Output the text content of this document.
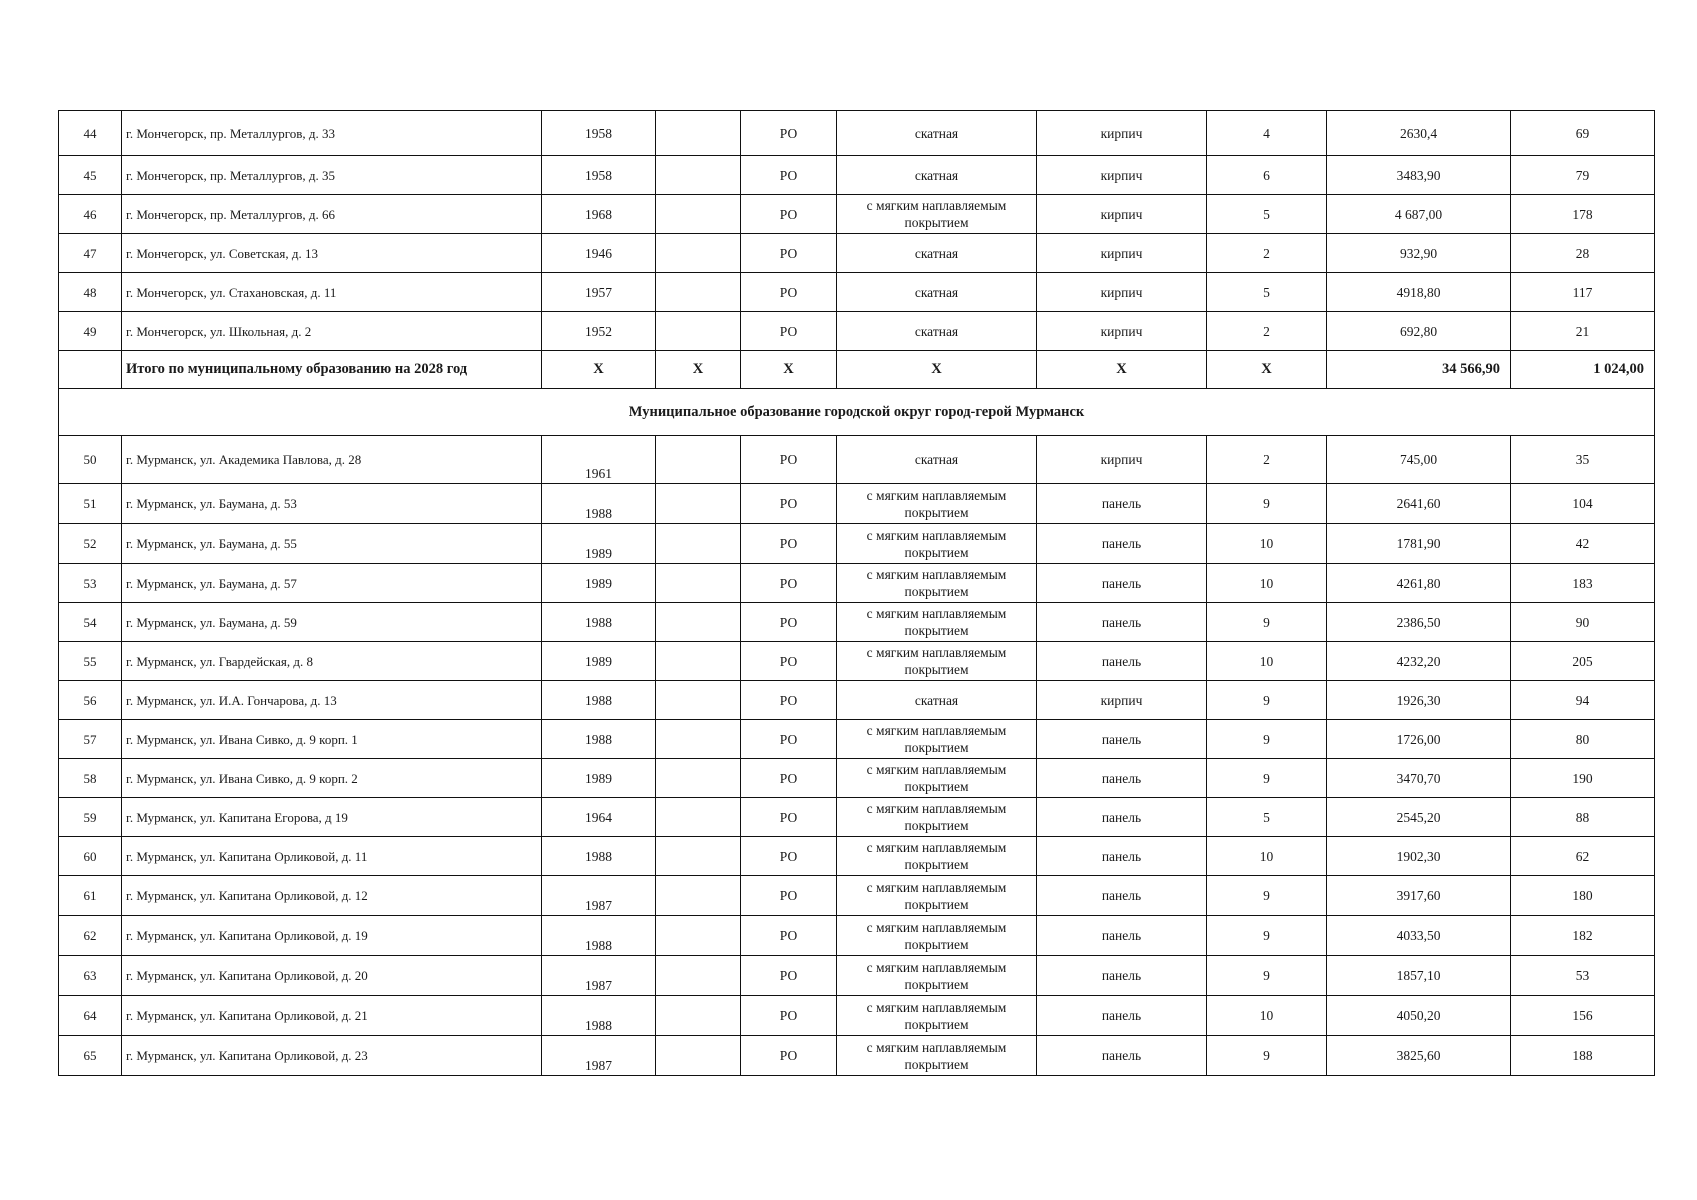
44	г. Мончегорск, пр. Металлургов, д. 33	1958		РО	скатная	кирпич	4	2630,4	69
45	г. Мончегорск, пр. Металлургов, д. 35	1958		РО	скатная	кирпич	6	3483,90	79
46	г. Мончегорск, пр. Металлургов, д. 66	1968		РО	с мягким наплавляемым покрытием	кирпич	5	4 687,00	178
47	г. Мончегорск, ул. Советская, д. 13	1946		РО	скатная	кирпич	2	932,90	28
48	г. Мончегорск, ул. Стахановская, д. 11	1957		РО	скатная	кирпич	5	4918,80	117
49	г. Мончегорск, ул. Школьная, д. 2	1952		РО	скатная	кирпич	2	692,80	21
	Итого по муниципальному образованию на 2028 год	X	X	X	X	X	X	34 566,90	1 024,00
Муниципальное образование городской округ город-герой Мурманск									
50	г. Мурманск, ул. Академика Павлова, д. 28	1961		РО	скатная	кирпич	2	745,00	35
51	г. Мурманск, ул. Баумана, д. 53	1988		РО	с мягким наплавляемым покрытием	панель	9	2641,60	104
52	г. Мурманск, ул. Баумана, д. 55	1989		РО	с мягким наплавляемым покрытием	панель	10	1781,90	42
53	г. Мурманск, ул. Баумана, д. 57	1989		РО	с мягким наплавляемым покрытием	панель	10	4261,80	183
54	г. Мурманск, ул. Баумана, д. 59	1988		РО	с мягким наплавляемым покрытием	панель	9	2386,50	90
55	г. Мурманск, ул. Гвардейская, д. 8	1989		РО	с мягким наплавляемым покрытием	панель	10	4232,20	205
56	г. Мурманск, ул. И.А. Гончарова, д. 13	1988		РО	скатная	кирпич	9	1926,30	94
57	г. Мурманск, ул. Ивана Сивко, д. 9 корп. 1	1988		РО	с мягким наплавляемым покрытием	панель	9	1726,00	80
58	г. Мурманск, ул. Ивана Сивко, д. 9 корп. 2	1989		РО	с мягким наплавляемым покрытием	панель	9	3470,70	190
59	г. Мурманск, ул. Капитана Егорова, д 19	1964		РО	с мягким наплавляемым покрытием	панель	5	2545,20	88
60	г. Мурманск, ул. Капитана Орликовой, д. 11	1988		РО	с мягким наплавляемым покрытием	панель	10	1902,30	62
61	г. Мурманск, ул. Капитана Орликовой, д. 12	1987		РО	с мягким наплавляемым покрытием	панель	9	3917,60	180
62	г. Мурманск, ул. Капитана Орликовой, д. 19	1988		РО	с мягким наплавляемым покрытием	панель	9	4033,50	182
63	г. Мурманск, ул. Капитана Орликовой, д. 20	1987		РО	с мягким наплавляемым покрытием	панель	9	1857,10	53
64	г. Мурманск, ул. Капитана Орликовой, д. 21	1988		РО	с мягким наплавляемым покрытием	панель	10	4050,20	156
65	г. Мурманск, ул. Капитана Орликовой, д. 23	1987		РО	с мягким наплавляемым покрытием	панель	9	3825,60	188
